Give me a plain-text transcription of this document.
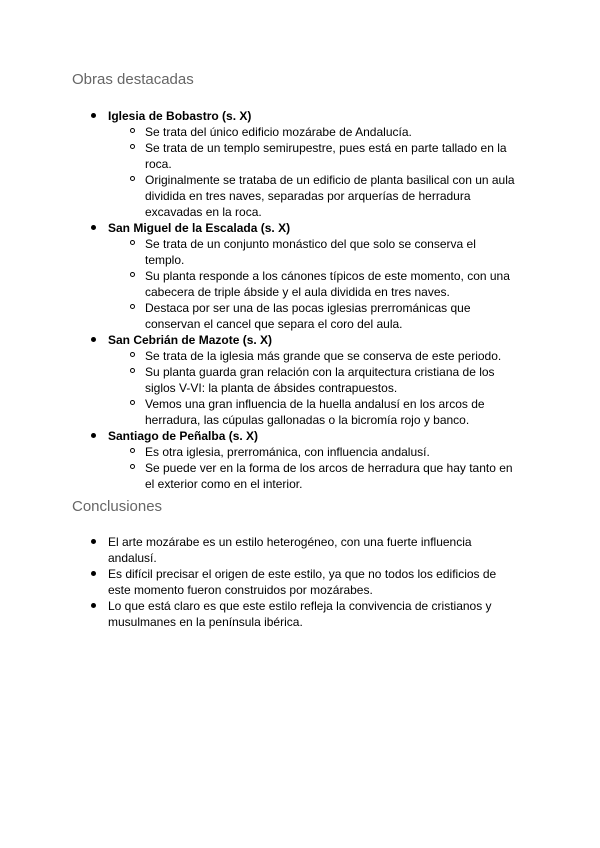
Obras destacadas
Iglesia de Bobastro (s. X)
Se trata del único edificio mozárabe de Andalucía.
Se trata de un templo semirupestre, pues está en parte tallado en la roca.
Originalmente se trataba de un edificio de planta basilical con un aula dividida en tres naves, separadas por arquerías de herradura excavadas en la roca.
San Miguel de la Escalada (s. X)
Se trata de un conjunto monástico del que solo se conserva el templo.
Su planta responde a los cánones típicos de este momento, con una cabecera de triple ábside y el aula dividida en tres naves.
Destaca por ser una de las pocas iglesias prerrománicas que conservan el cancel que separa el coro del aula.
San Cebrián de Mazote (s. X)
Se trata de la iglesia más grande que se conserva de este periodo.
Su planta guarda gran relación con la arquitectura cristiana de los siglos V-VI: la planta de ábsides contrapuestos.
Vemos una gran influencia de la huella andalusí en los arcos de herradura, las cúpulas gallonadas o la bicromía rojo y banco.
Santiago de Peñalba (s. X)
Es otra iglesia, prerrománica, con influencia andalusí.
Se puede ver en la forma de los arcos de herradura que hay tanto en el exterior como en el interior.
Conclusiones
El arte mozárabe es un estilo heterogéneo, con una fuerte influencia andalusí.
Es difícil precisar el origen de este estilo, ya que no todos los edificios de este momento fueron construidos por mozárabes.
Lo que está claro es que este estilo refleja la convivencia de cristianos y musulmanes en la península ibérica.
